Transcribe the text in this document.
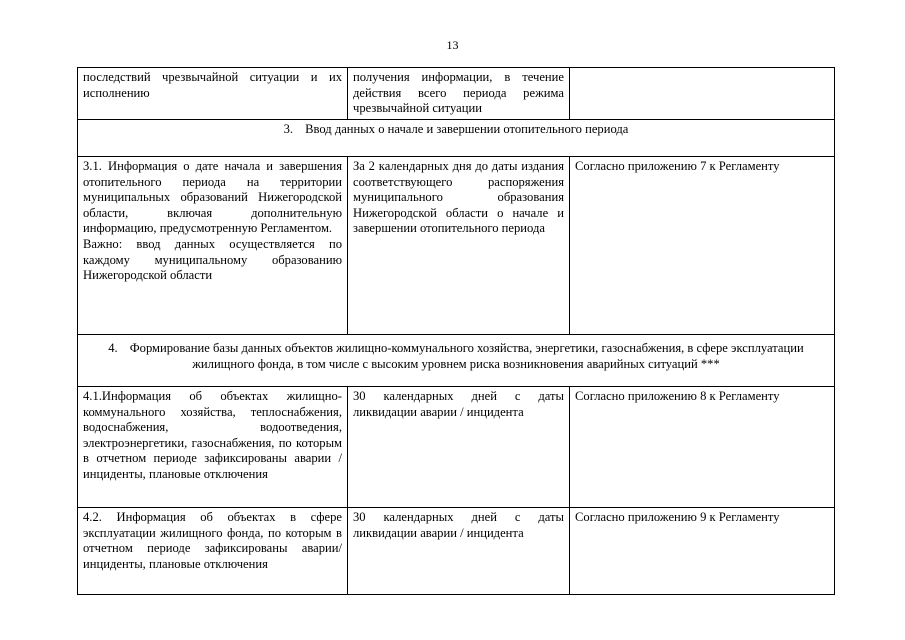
13
последствий чрезвычайной ситуации и их исполнению	получения информации, в течение действия всего периода режима чрезвычайной ситуации	
3. Ввод данных о начале и завершении отопительного периода		

3.1. Информация о дате начала и завершения отопительного периода на территории муниципальных образований Нижегородской области, включая дополнительную информацию, предусмотренную Регламентом.
Важно: ввод данных осуществляется по каждому муниципальному образованию Нижегородской области	За 2 календарных дня до даты издания соответствующего распоряжения муниципального образования Нижегородской области о начале и завершении отопительного периода	Согласно приложению 7 к Регламенту
4. Формирование базы данных объектов жилищно-коммунального хозяйства, энергетики, газоснабжения, в сфере эксплуатации жилищного фонда, в том числе с высоким уровнем риска возникновения аварийных ситуаций ***		
4.1.Информация об объектах жилищно-коммунального хозяйства, теплоснабжения, водоснабжения, водоотведения, электроэнергетики, газоснабжения, по которым в отчетном периоде зафиксированы аварии / инциденты, плановые отключения	30 календарных дней с даты ликвидации аварии / инцидента	Согласно приложению 8 к Регламенту
4.2. Информация об объектах в сфере эксплуатации жилищного фонда, по которым в отчетном периоде зафиксированы аварии/инциденты, плановые отключения	30 календарных дней с даты ликвидации аварии / инцидента	Согласно приложению 9 к Регламенту
